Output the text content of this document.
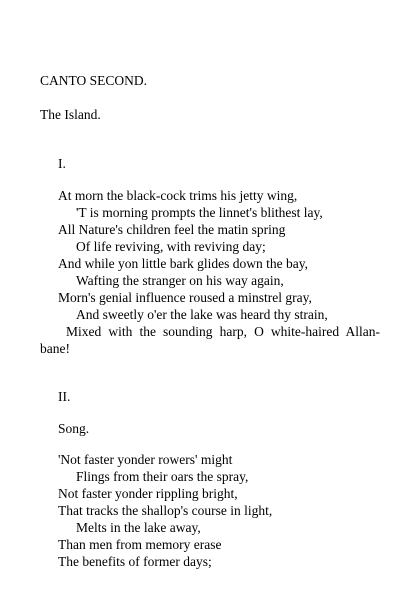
CANTO SECOND.
The Island.
I.
At morn the black-cock trims his jetty wing,
'T is morning prompts the linnet's blithest lay,
All Nature's children feel the matin spring
Of life reviving, with reviving day;
And while yon little bark glides down the bay,
Wafting the stranger on his way again,
Morn's genial influence roused a minstrel gray,
And sweetly o'er the lake was heard thy strain,
Mixed with the sounding harp, O white-haired Allan-
bane!
II.
Song.
'Not faster yonder rowers' might
Flings from their oars the spray,
Not faster yonder rippling bright,
That tracks the shallop's course in light,
Melts in the lake away,
Than men from memory erase
The benefits of former days;
